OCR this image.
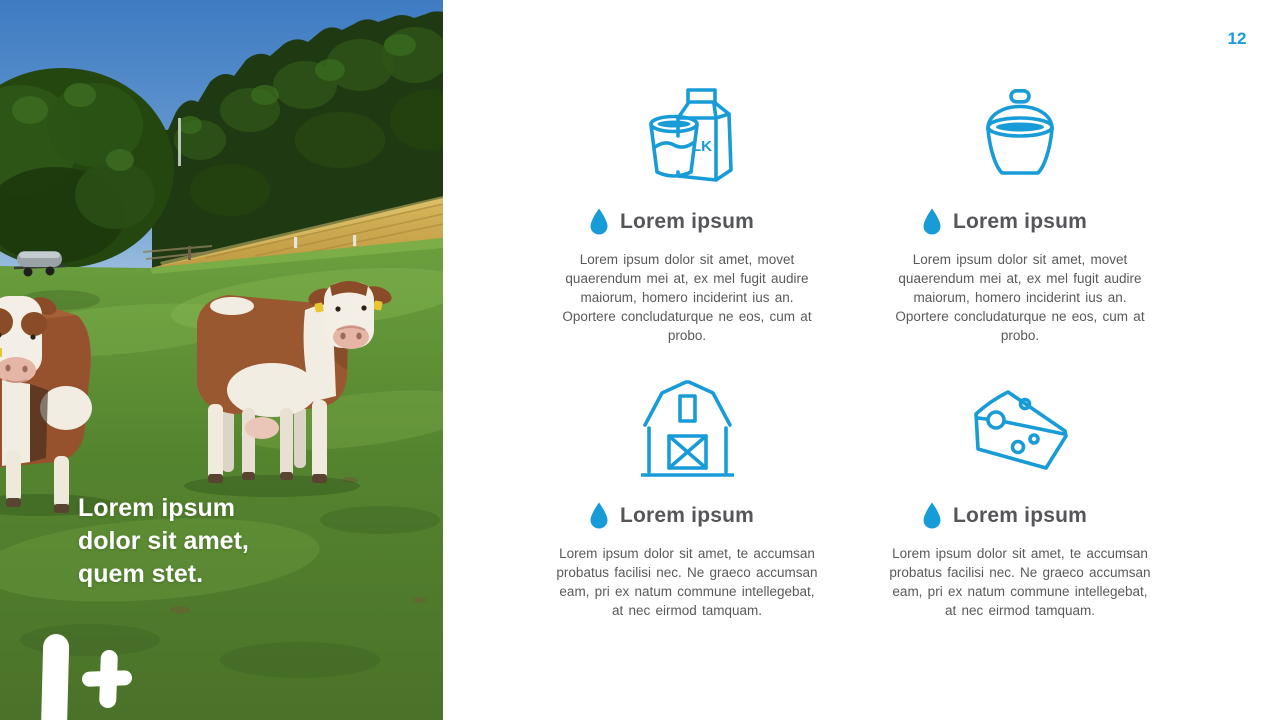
Lorem ipsum dolor sit amet, quem stet.
12
LK
Lorem ipsum
Lorem ipsum dolor sit amet, movet quaerendum mei at, ex mel fugit audire maiorum, homero inciderint ius an. Oportere concludaturque ne eos, cum at probo.
Lorem ipsum
Lorem ipsum dolor sit amet, movet quaerendum mei at, ex mel fugit audire maiorum, homero inciderint ius an. Oportere concludaturque ne eos, cum at probo.
Lorem ipsum
Lorem ipsum dolor sit amet, te accumsan probatus facilisi nec. Ne graeco accumsan eam, pri ex natum commune intellegebat, at nec eirmod tamquam.
Lorem ipsum
Lorem ipsum dolor sit amet, te accumsan probatus facilisi nec. Ne graeco accumsan eam, pri ex natum commune intellegebat, at nec eirmod tamquam.
